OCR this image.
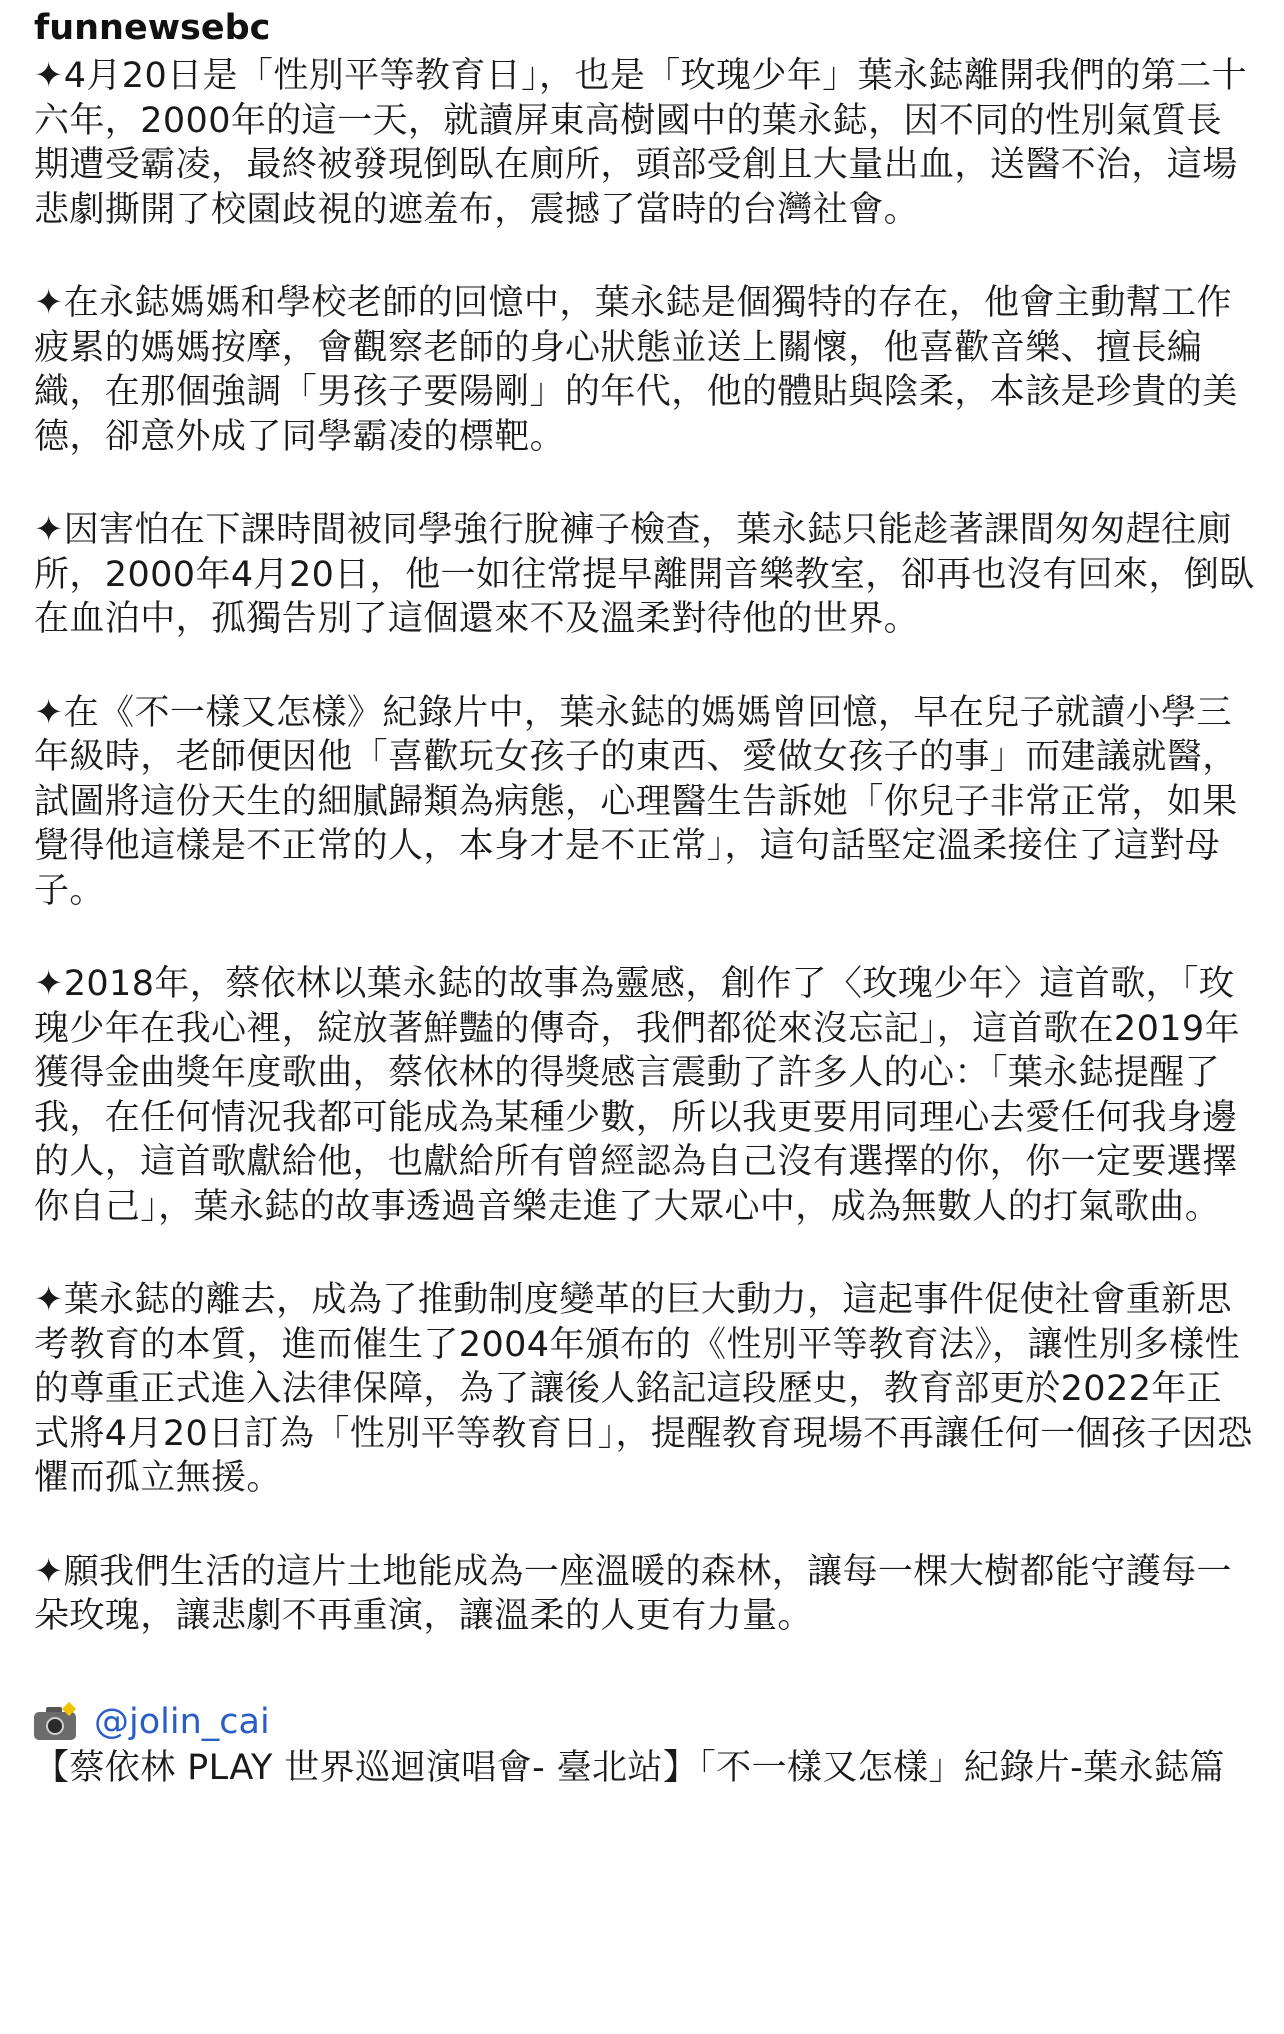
funnewsebc

✦4月20日是「性別平等教育日」，也是「玫瑰少年」葉永鋕離開我們的第二十六年，2000年的這一天，就讀屏東高樹國中的葉永鋕，因不同的性別氣質長期遭受霸凌，最終被發現倒臥在廁所，頭部受創且大量出血，送醫不治，這場悲劇撕開了校園歧視的遮羞布，震撼了當時的台灣社會。

✦在永鋕媽媽和學校老師的回憶中，葉永鋕是個獨特的存在，他會主動幫工作疲累的媽媽按摩，會觀察老師的身心狀態並送上關懷，他喜歡音樂、擅長編織，在那個強調「男孩子要陽剛」的年代，他的體貼與陰柔，本該是珍貴的美德，卻意外成了同學霸凌的標靶。

✦因害怕在下課時間被同學強行脫褲子檢查，葉永鋕只能趁著課間匆匆趕往廁所，2000年4月20日，他一如往常提早離開音樂教室，卻再也沒有回來，倒臥在血泊中，孤獨告別了這個還來不及溫柔對待他的世界。

✦在《不一樣又怎樣》紀錄片中，葉永鋕的媽媽曾回憶，早在兒子就讀小學三年級時，老師便因他「喜歡玩女孩子的東西、愛做女孩子的事」而建議就醫，試圖將這份天生的細膩歸類為病態，心理醫生告訴她「你兒子非常正常，如果覺得他這樣是不正常的人，本身才是不正常」，這句話堅定溫柔接住了這對母子。

✦2018年，蔡依林以葉永鋕的故事為靈感，創作了〈玫瑰少年〉這首歌，「玫瑰少年在我心裡，綻放著鮮豔的傳奇，我們都從來沒忘記」，這首歌在2019年獲得金曲獎年度歌曲，蔡依林的得獎感言震動了許多人的心：「葉永鋕提醒了我，在任何情況我都可能成為某種少數，所以我更要用同理心去愛任何我身邊的人，這首歌獻給他，也獻給所有曾經認為自己沒有選擇的你，你一定要選擇你自己」，葉永鋕的故事透過音樂走進了大眾心中，成為無數人的打氣歌曲。

✦葉永鋕的離去，成為了推動制度變革的巨大動力，這起事件促使社會重新思考教育的本質，進而催生了2004年頒布的《性別平等教育法》，讓性別多樣性的尊重正式進入法律保障，為了讓後人銘記這段歷史，教育部更於2022年正式將4月20日訂為「性別平等教育日」，提醒教育現場不再讓任何一個孩子因恐懼而孤立無援。

✦願我們生活的這片土地能成為一座溫暖的森林，讓每一棵大樹都能守護每一朵玫瑰，讓悲劇不再重演，讓溫柔的人更有力量。

@jolin_cai
【蔡依林 PLAY 世界巡迴演唱會- 臺北站】「不一樣又怎樣」紀錄片-葉永鋕篇
